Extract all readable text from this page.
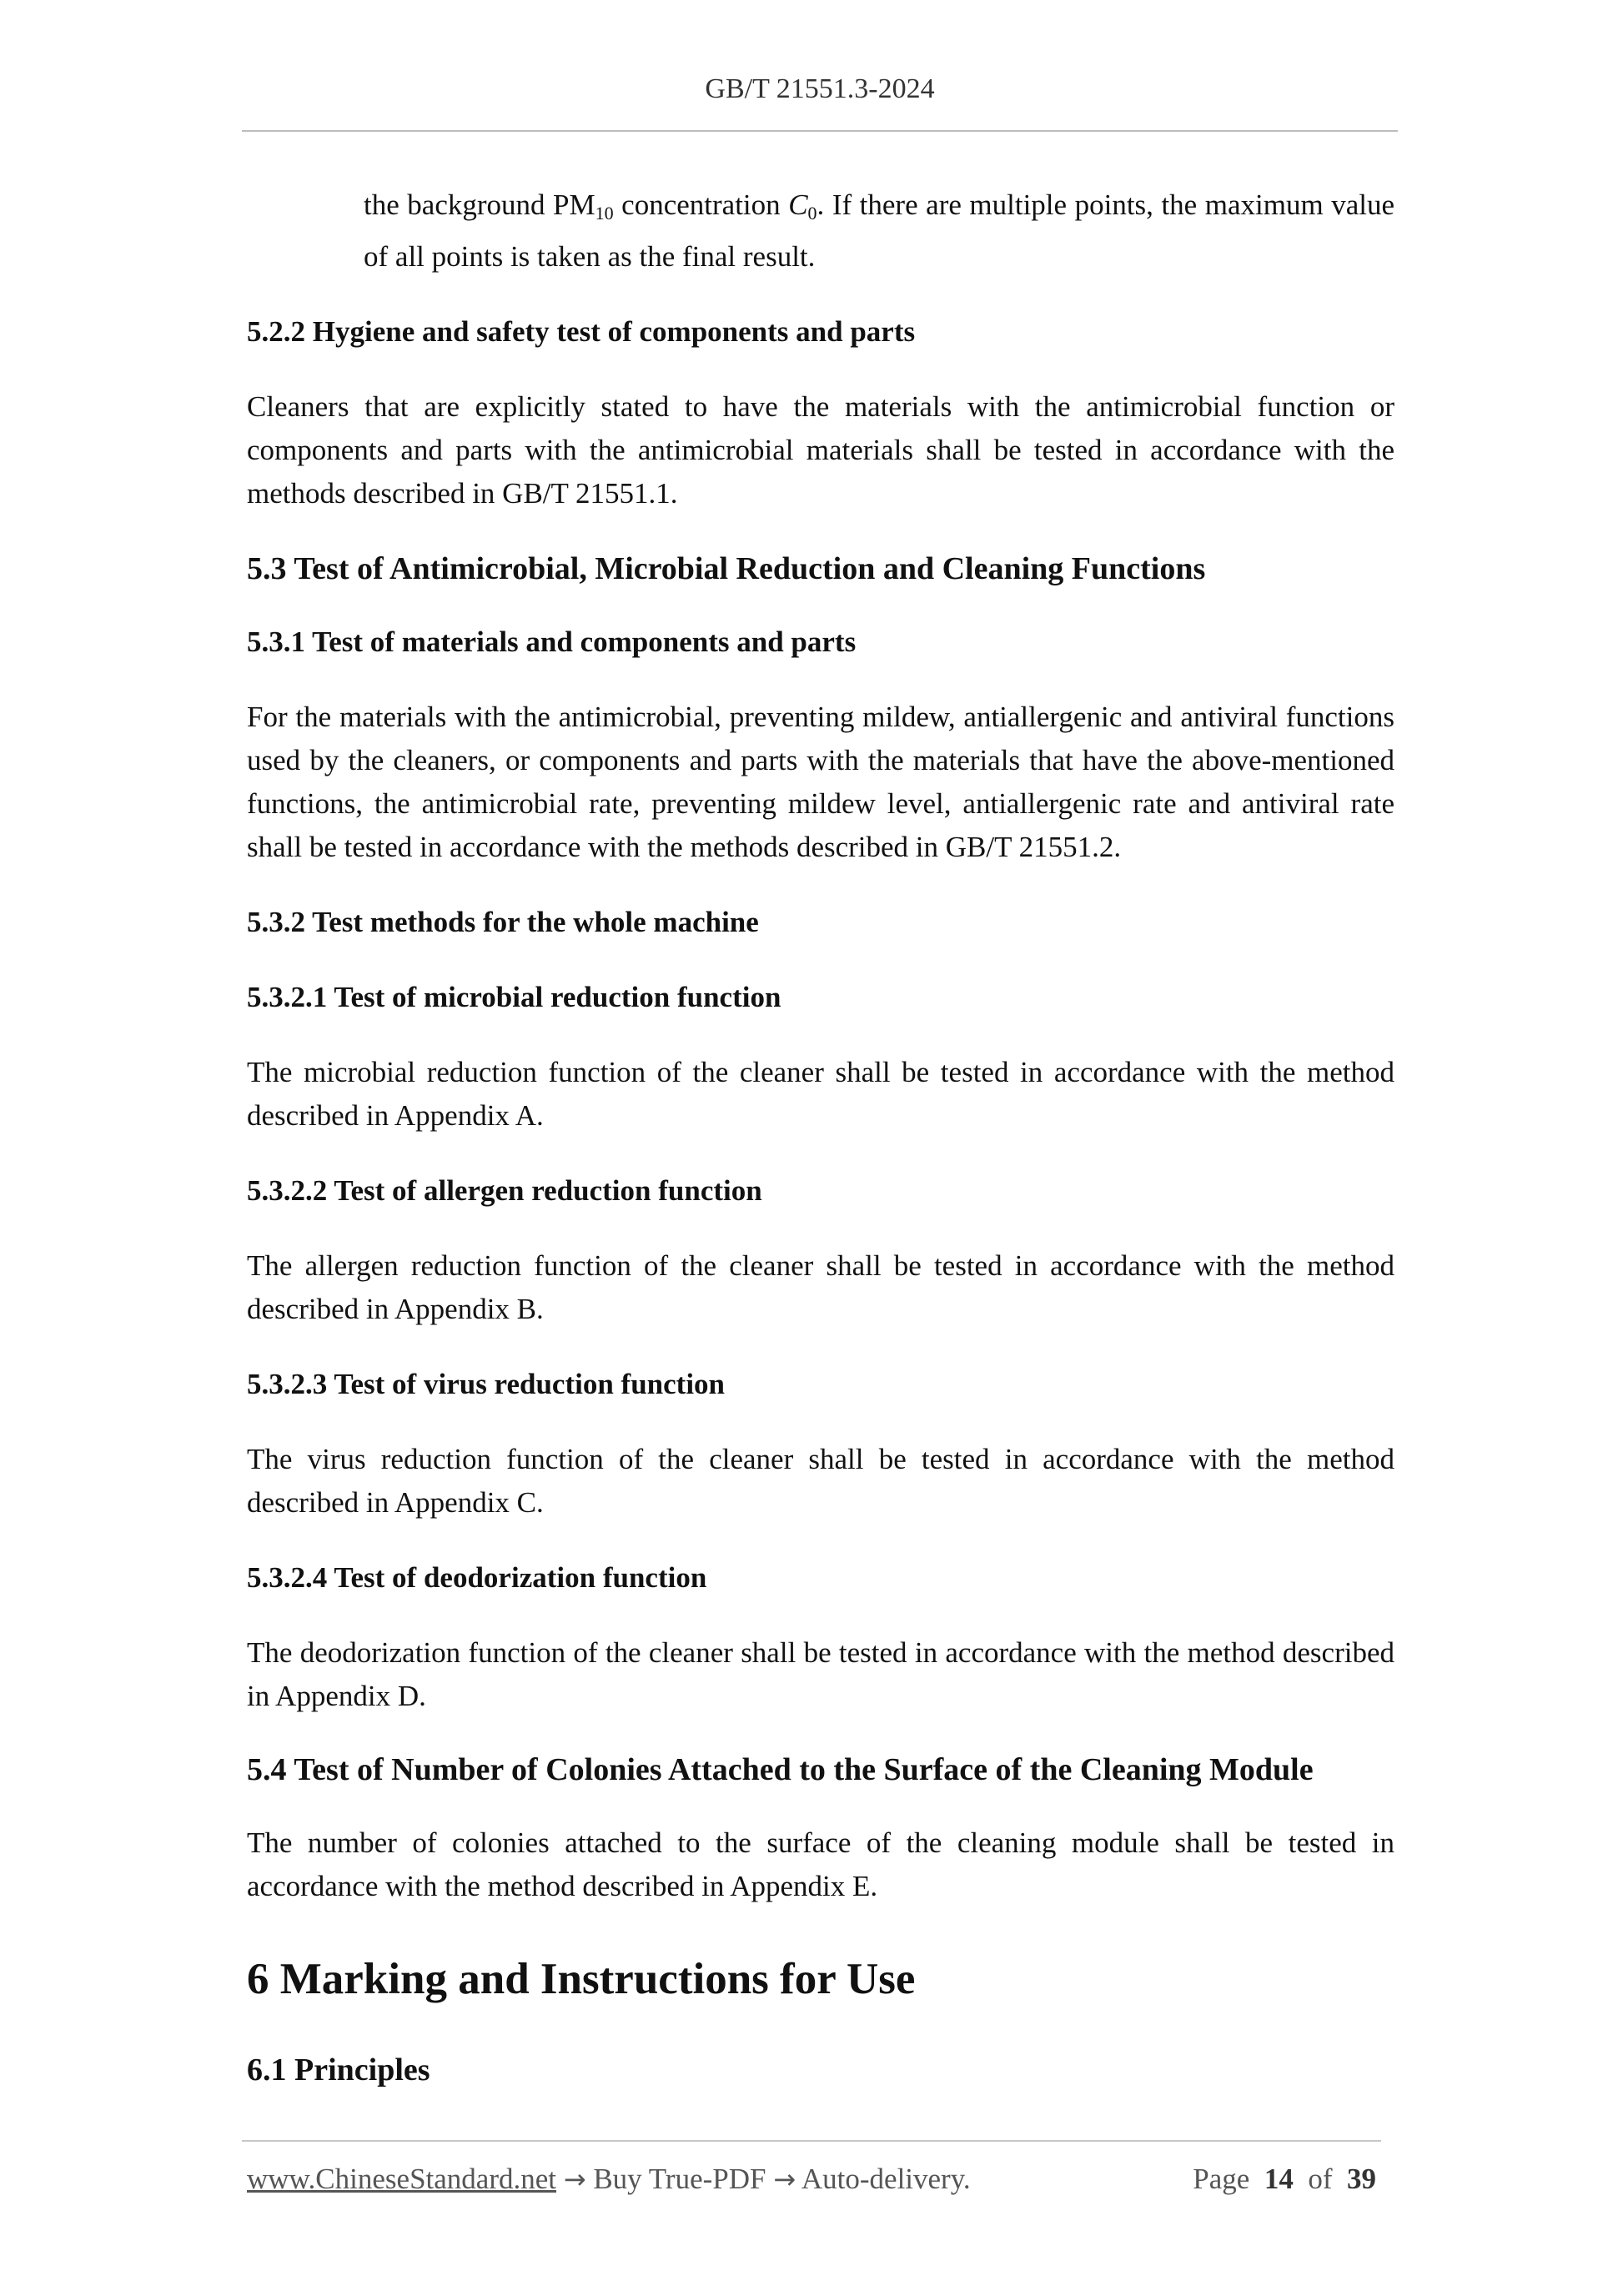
GB/T 21551.3-2024

the background $PM_{10}$ concentration $C_0$. If there are multiple points, the maximum value of all points is taken as the final result.

5.2.2 Hygiene and safety test of components and parts

Cleaners that are explicitly stated to have the materials with the antimicrobial function or components and parts with the antimicrobial materials shall be tested in accordance with the methods described in GB/T 21551.1.

5.3 Test of Antimicrobial, Microbial Reduction and Cleaning Functions
5.3.1 Test of materials and components and parts

For the materials with the antimicrobial, preventing mildew, antiallergenic and antiviral functions used by the cleaners, or components and parts with the materials that have the above-mentioned functions, the antimicrobial rate, preventing mildew level, antiallergenic rate and antiviral rate shall be tested in accordance with the methods described in GB/T 21551.2.

5.3.2 Test methods for the whole machine
5.3.2.1 Test of microbial reduction function

The microbial reduction function of the cleaner shall be tested in accordance with the method described in Appendix A.

5.3.2.2 Test of allergen reduction function

The allergen reduction function of the cleaner shall be tested in accordance with the method described in Appendix B.

5.3.2.3 Test of virus reduction function

The virus reduction function of the cleaner shall be tested in accordance with the method described in Appendix C.

5.3.2.4 Test of deodorization function

The deodorization function of the cleaner shall be tested in accordance with the method described in Appendix D.

5.4 Test of Number of Colonies Attached to the Surface of the Cleaning Module

The number of colonies attached to the surface of the cleaning module shall be tested in accordance with the method described in Appendix E.

6 Marking and Instructions for Use
6.1 Principles
www.ChineseStandard.net → Buy True-PDF → Auto-delivery.	Page 14 of 39
